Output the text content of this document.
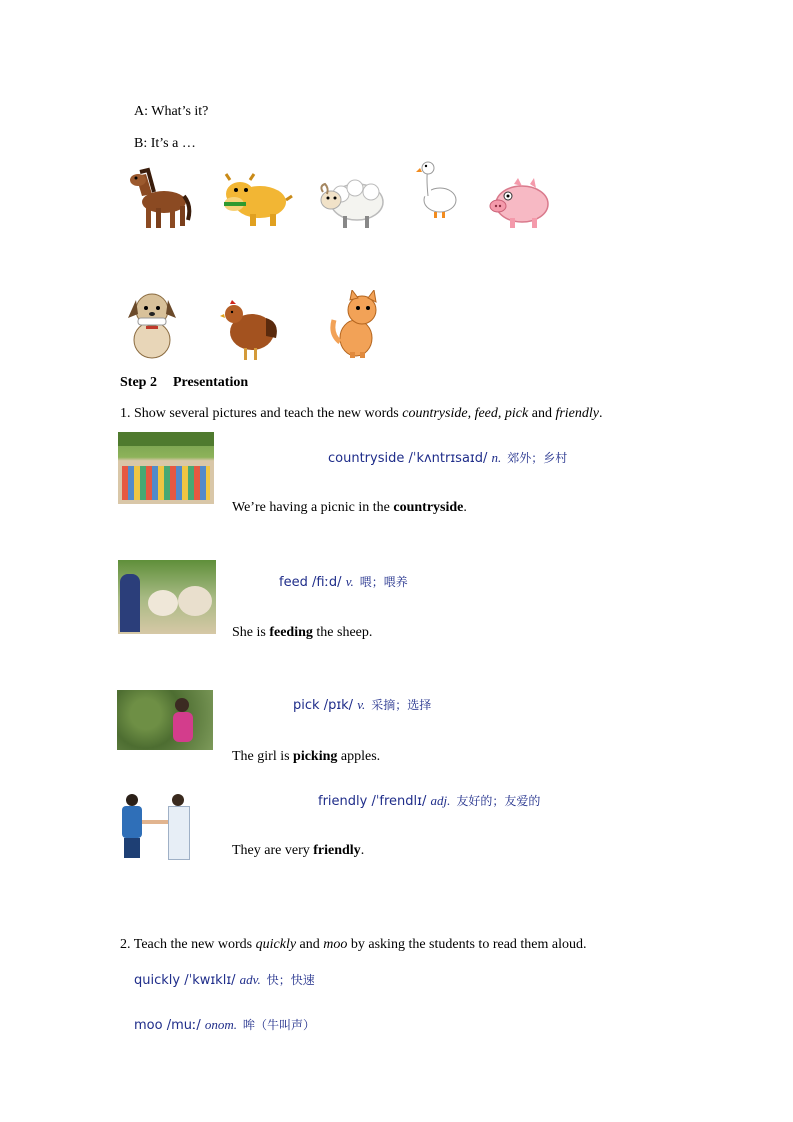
A: What’s it?
B: It’s a …
Step 2 Presentation
1. Show several pictures and teach the new words countryside, feed, pick and friendly.
countryside /ˈkʌntrɪsaɪd/ n. 郊外；乡村
We’re having a picnic in the countryside.
feed /fiːd/ v. 喂；喂养
She is feeding the sheep.
pick /pɪk/ v. 采摘；选择
The girl is picking apples.
friendly /ˈfrendlɪ/ adj. 友好的；友爱的
They are very friendly.
2. Teach the new words quickly and moo by asking the students to read them aloud.
quickly /ˈkwɪklɪ/ adv. 快；快速
moo /muː/ onom. 哞（牛叫声）
